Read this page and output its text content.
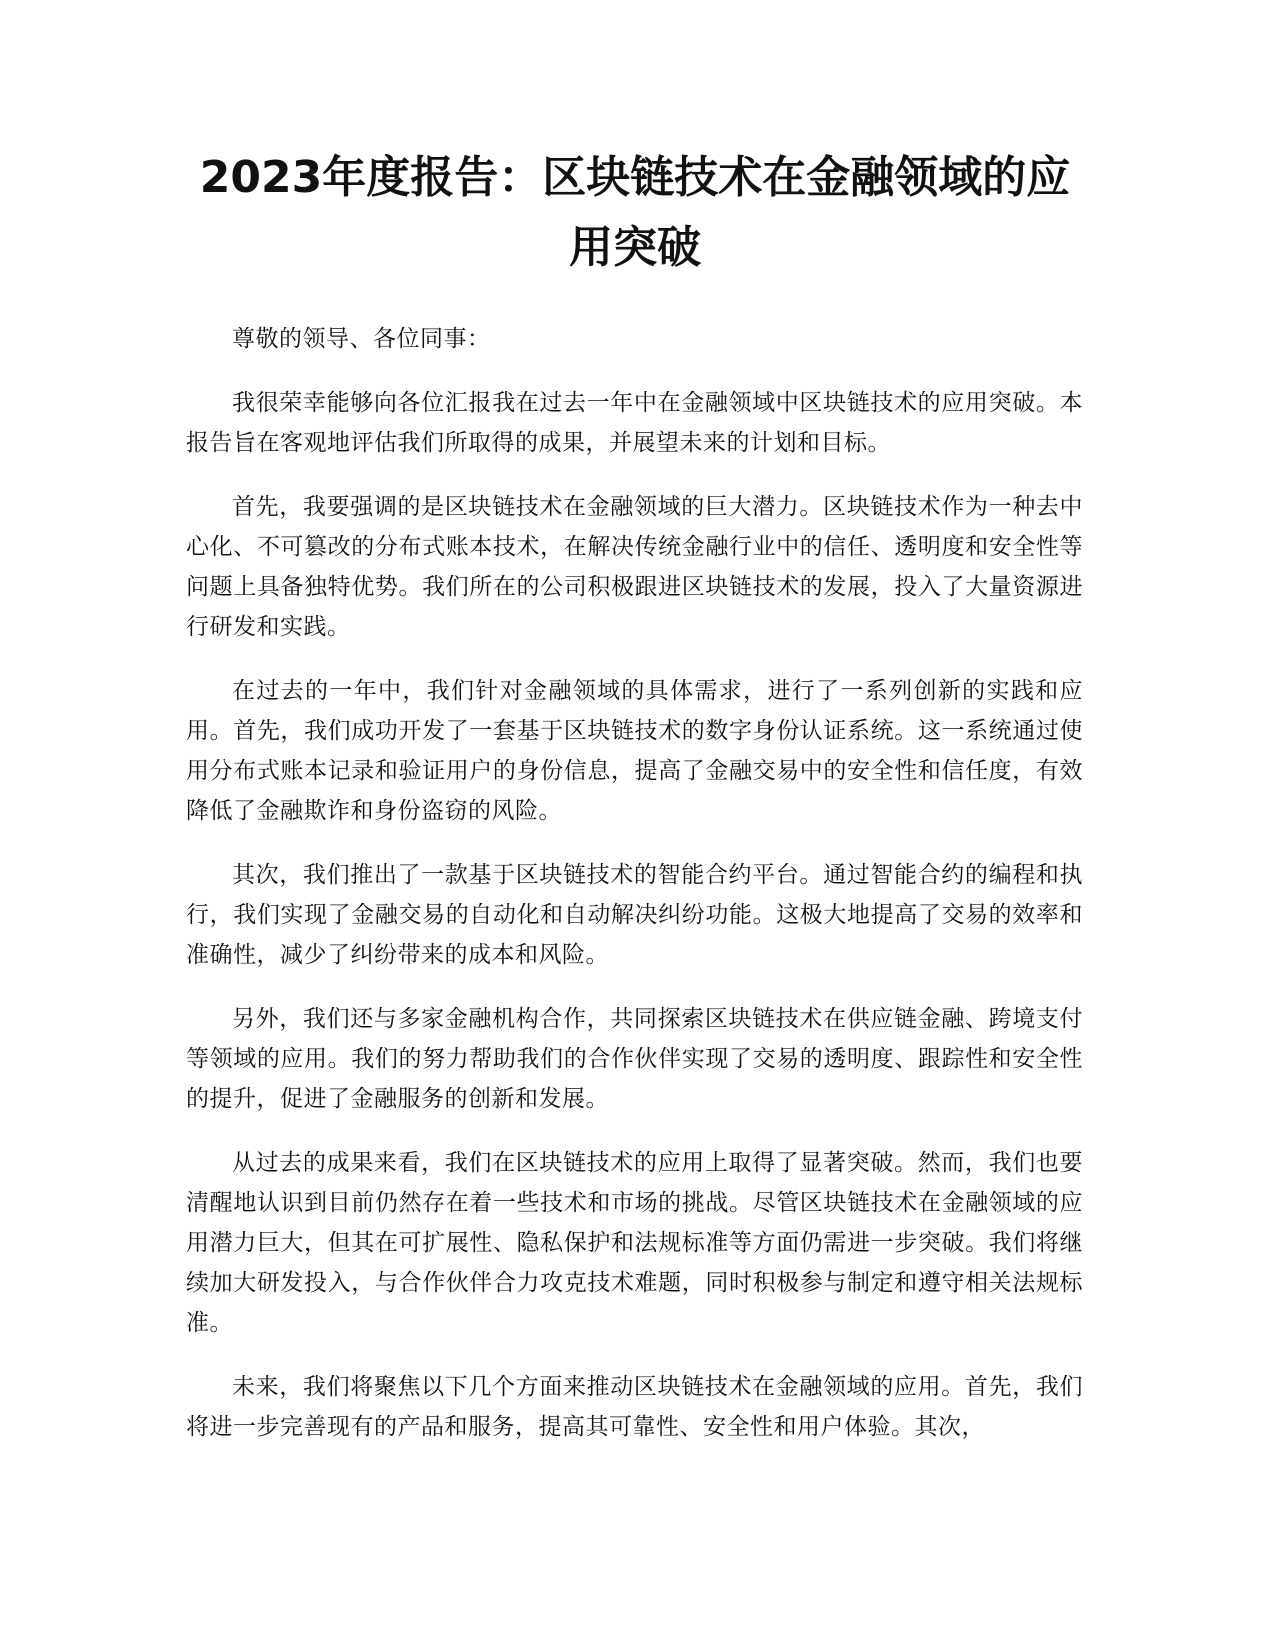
2023年度报告：区块链技术在金融领域的应用突破

尊敬的领导、各位同事：

我很荣幸能够向各位汇报我在过去一年中在金融领域中区块链技术的应用突破。本报告旨在客观地评估我们所取得的成果，并展望未来的计划和目标。

首先，我要强调的是区块链技术在金融领域的巨大潜力。区块链技术作为一种去中心化、不可篡改的分布式账本技术，在解决传统金融行业中的信任、透明度和安全性等问题上具备独特优势。我们所在的公司积极跟进区块链技术的发展，投入了大量资源进行研发和实践。

在过去的一年中，我们针对金融领域的具体需求，进行了一系列创新的实践和应用。首先，我们成功开发了一套基于区块链技术的数字身份认证系统。这一系统通过使用分布式账本记录和验证用户的身份信息，提高了金融交易中的安全性和信任度，有效降低了金融欺诈和身份盗窃的风险。

其次，我们推出了一款基于区块链技术的智能合约平台。通过智能合约的编程和执行，我们实现了金融交易的自动化和自动解决纠纷功能。这极大地提高了交易的效率和准确性，减少了纠纷带来的成本和风险。

另外，我们还与多家金融机构合作，共同探索区块链技术在供应链金融、跨境支付等领域的应用。我们的努力帮助我们的合作伙伴实现了交易的透明度、跟踪性和安全性的提升，促进了金融服务的创新和发展。

从过去的成果来看，我们在区块链技术的应用上取得了显著突破。然而，我们也要清醒地认识到目前仍然存在着一些技术和市场的挑战。尽管区块链技术在金融领域的应用潜力巨大，但其在可扩展性、隐私保护和法规标准等方面仍需进一步突破。我们将继续加大研发投入，与合作伙伴合力攻克技术难题，同时积极参与制定和遵守相关法规标准。

未来，我们将聚焦以下几个方面来推动区块链技术在金融领域的应用。首先，我们将进一步完善现有的产品和服务，提高其可靠性、安全性和用户体验。其次，
